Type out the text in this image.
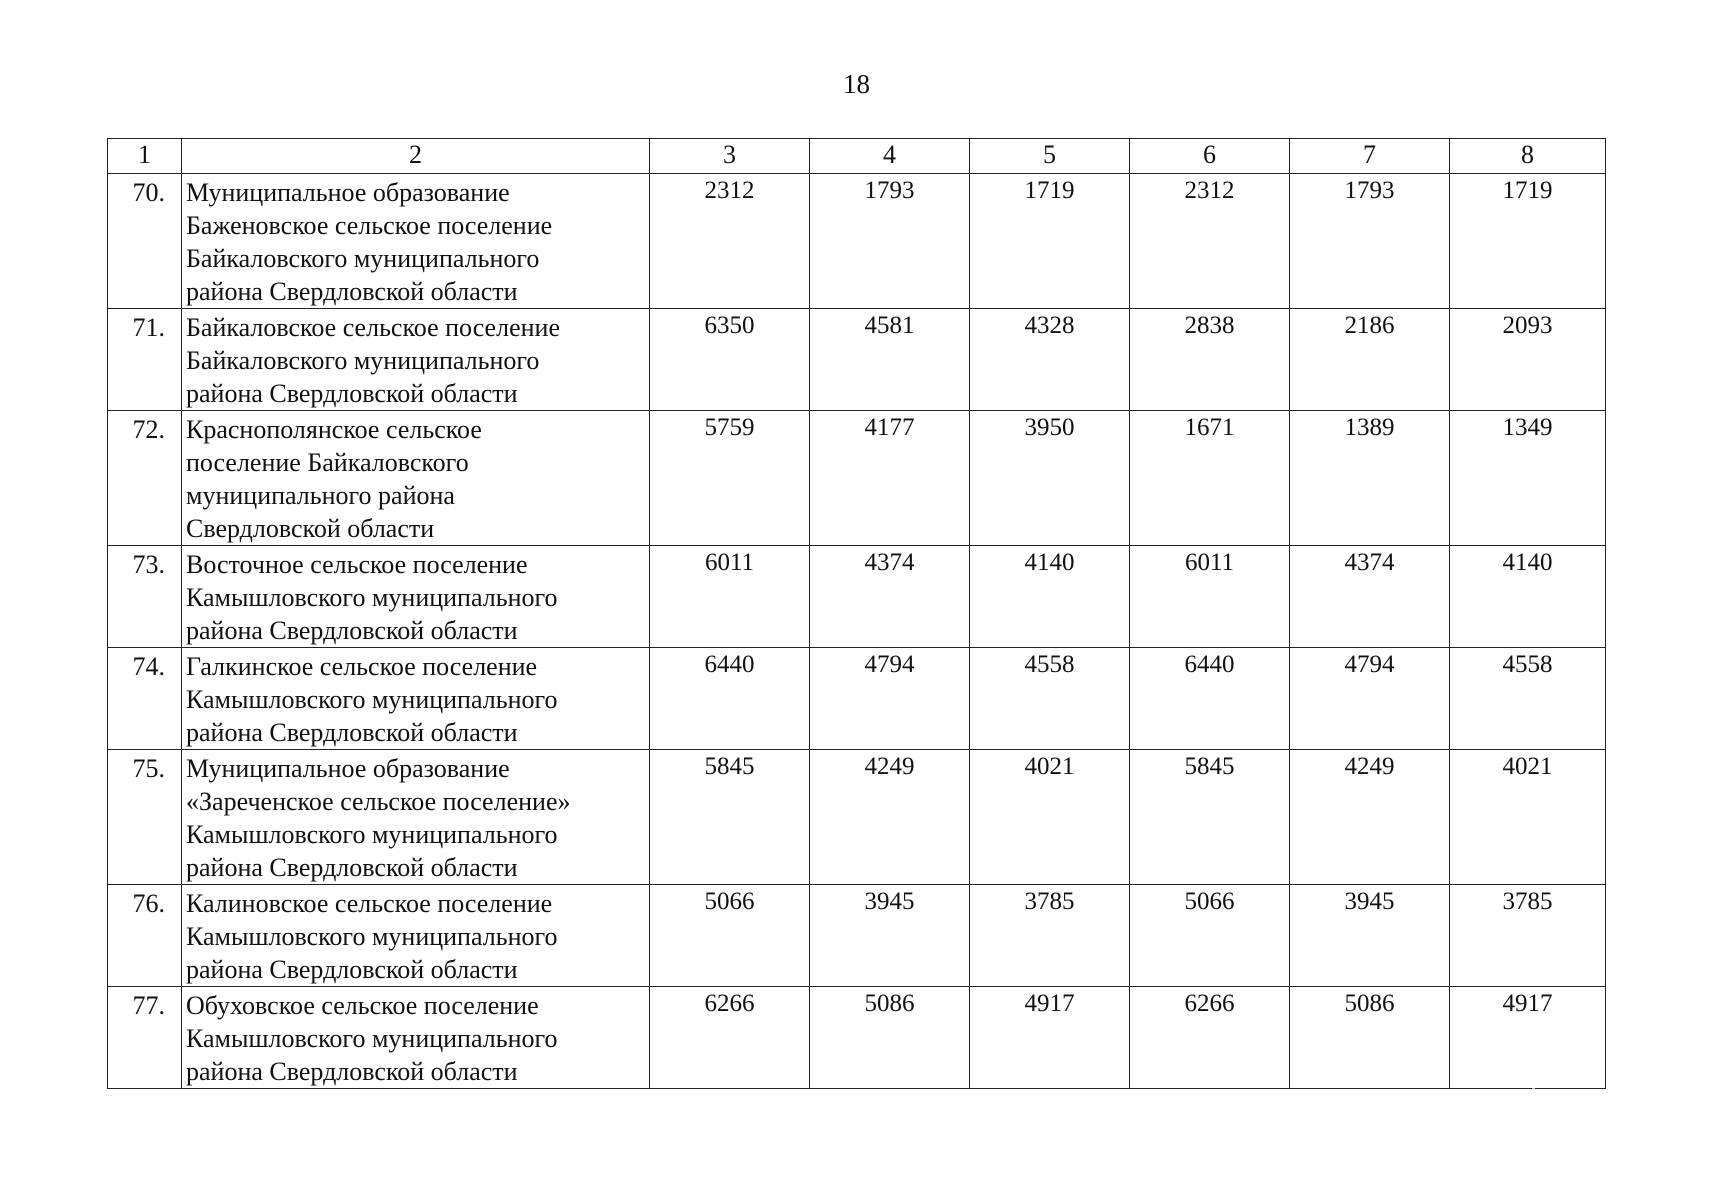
18
1	2	3	4	5	6	7	8
70.	Муниципальное образование
Баженовское сельское поселение
Байкаловского муниципального
района Свердловской области	2312	1793	1719	2312	1793	1719
71.	Байкаловское сельское поселение
Байкаловского муниципального
района Свердловской области	6350	4581	4328	2838	2186	2093
72.	Краснополянское сельское
поселение Байкаловского
муниципального района
Свердловской области	5759	4177	3950	1671	1389	1349
73.	Восточное сельское поселение
Камышловского муниципального
района Свердловской области	6011	4374	4140	6011	4374	4140
74.	Галкинское сельское поселение
Камышловского муниципального
района Свердловской области	6440	4794	4558	6440	4794	4558
75.	Муниципальное образование
«Зареченское сельское поселение»
Камышловского муниципального
района Свердловской области	5845	4249	4021	5845	4249	4021
76.	Калиновское сельское поселение
Камышловского муниципального
района Свердловской области	5066	3945	3785	5066	3945	3785
77.	Обуховское сельское поселение
Камышловского муниципального
района Свердловской области	6266	5086	4917	6266	5086	4917
